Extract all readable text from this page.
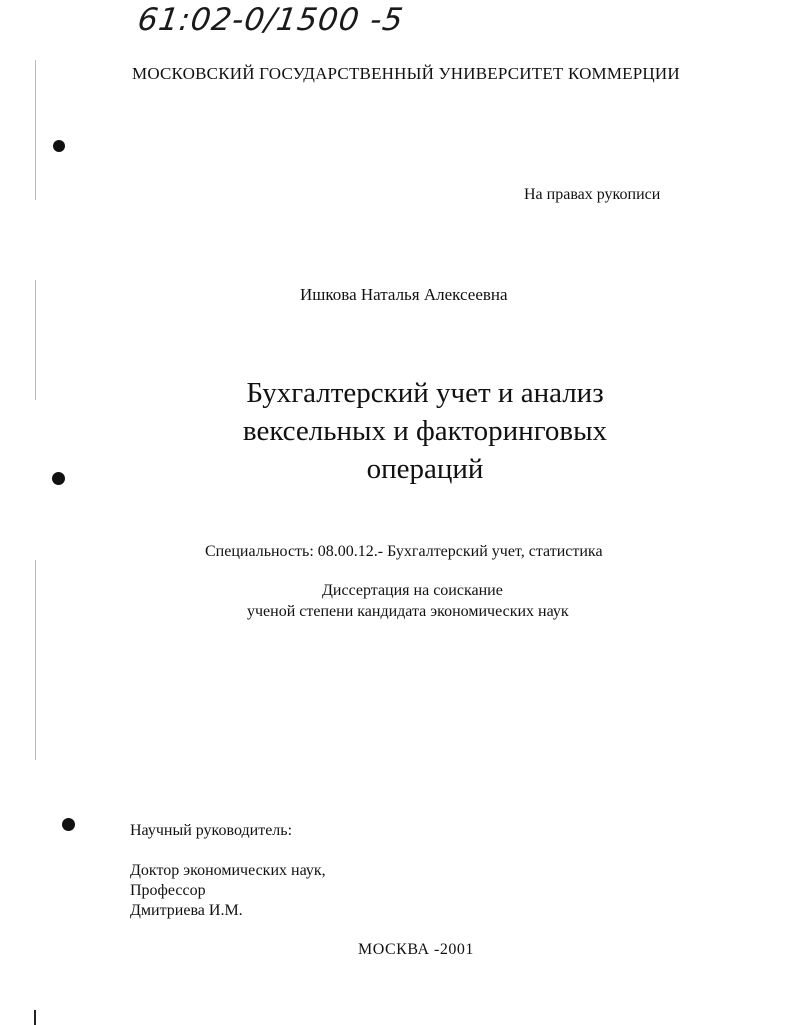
61:02-0/1500 -5
МОСКОВСКИЙ ГОСУДАРСТВЕННЫЙ УНИВЕРСИТЕТ КОММЕРЦИИ
На правах рукописи
Ишкова Наталья Алексеевна
Бухгалтерский учет и анализ
вексельных и факторинговых
операций
Специальность: 08.00.12.- Бухгалтерский учет, статистика
Диссертация на соискание
ученой степени кандидата экономических наук
Научный руководитель:
Доктор экономических наук,
Профессор
Дмитриева И.М.
МОСКВА -2001
